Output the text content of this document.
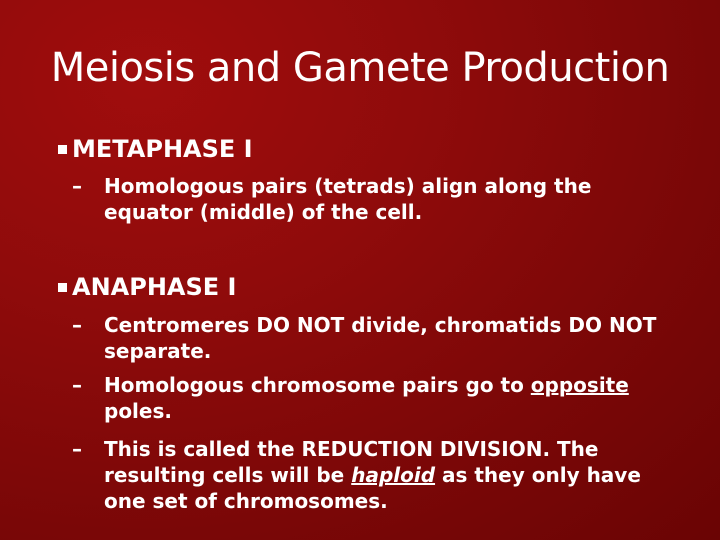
Meiosis and Gamete Production
METAPHASE I
–	Homologous pairs (tetrads) align along the equator (middle) of the cell.
ANAPHASE I
–	Centromeres DO NOT divide, chromatids DO NOT separate.
–	Homologous chromosome pairs go to opposite poles.
–	This is called the REDUCTION DIVISION. The resulting cells will be haploid as they only have one set of chromosomes.
